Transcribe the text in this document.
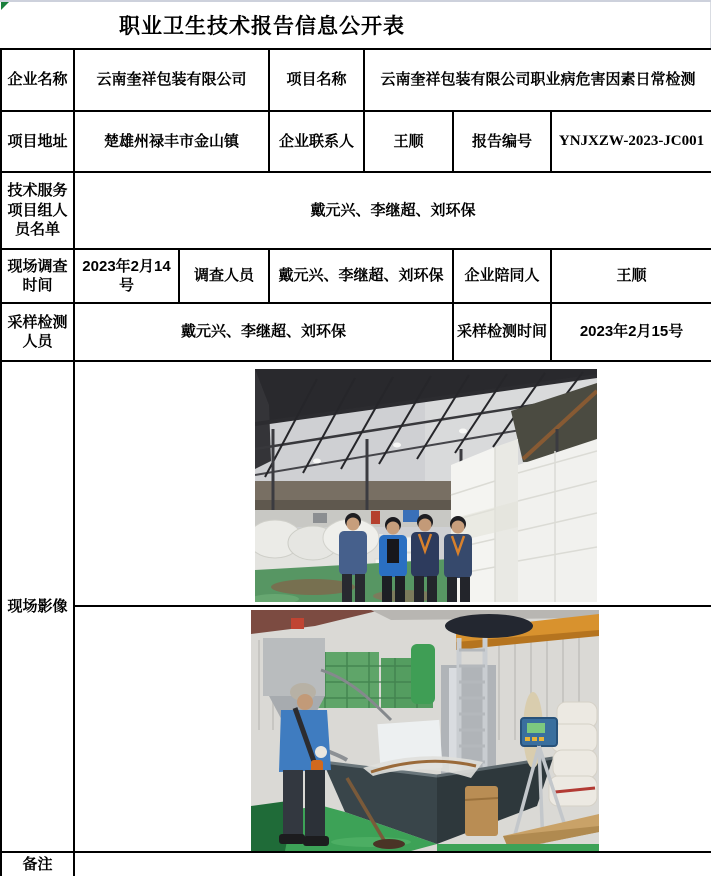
职业卫生技术报告信息公开表
企业名称	云南奎祥包装有限公司		项目名称	云南奎祥包装有限公司职业病危害因素日常检测		
项目地址	楚雄州禄丰市金山镇		企业联系人	王顺	报告编号	YNJXZW-2023-JC001
技术服务项目组人员名单	戴元兴、李继超、刘环保					
现场调查时间	2023年2月14号	调查人员	戴元兴、李继超、刘环保		企业陪同人	王顺
采样检测人员	戴元兴、李继超、刘环保				采样检测时间	2023年2月15号
现场影像	

备注						
